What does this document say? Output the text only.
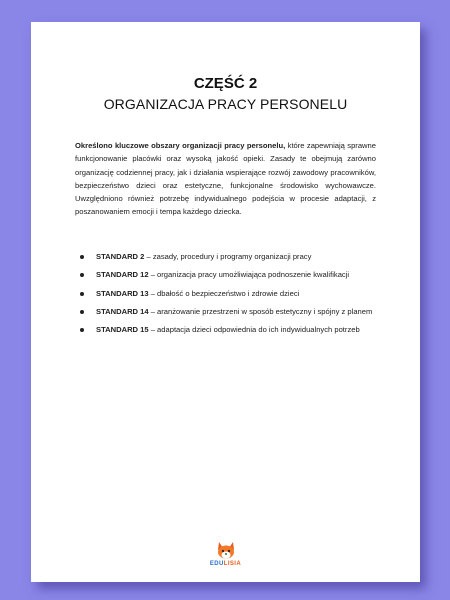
CZĘŚĆ 2
ORGANIZACJA PRACY PERSONELU

Określono kluczowe obszary organizacji pracy personelu, które zapewniają sprawne funkcjonowanie placówki oraz wysoką jakość opieki. Zasady te obejmują zarówno organizację codziennej pracy, jak i działania wspierające rozwój zawodowy pracowników, bezpieczeństwo dzieci oraz estetyczne, funkcjonalne środowisko wychowawcze. Uwzględniono również potrzebę indywidualnego podejścia w procesie adaptacji, z poszanowaniem emocji i tempa każdego dziecka.

STANDARD 2 – zasady, procedury i programy organizacji pracy
STANDARD 12 – organizacja pracy umożliwiająca podnoszenie kwalifikacji
STANDARD 13 – dbałość o bezpieczeństwo i zdrowie dzieci
STANDARD 14 – aranżowanie przestrzeni w sposób estetyczny i spójny z planem
STANDARD 15 – adaptacja dzieci odpowiednia do ich indywidualnych potrzeb
EDULISIA
